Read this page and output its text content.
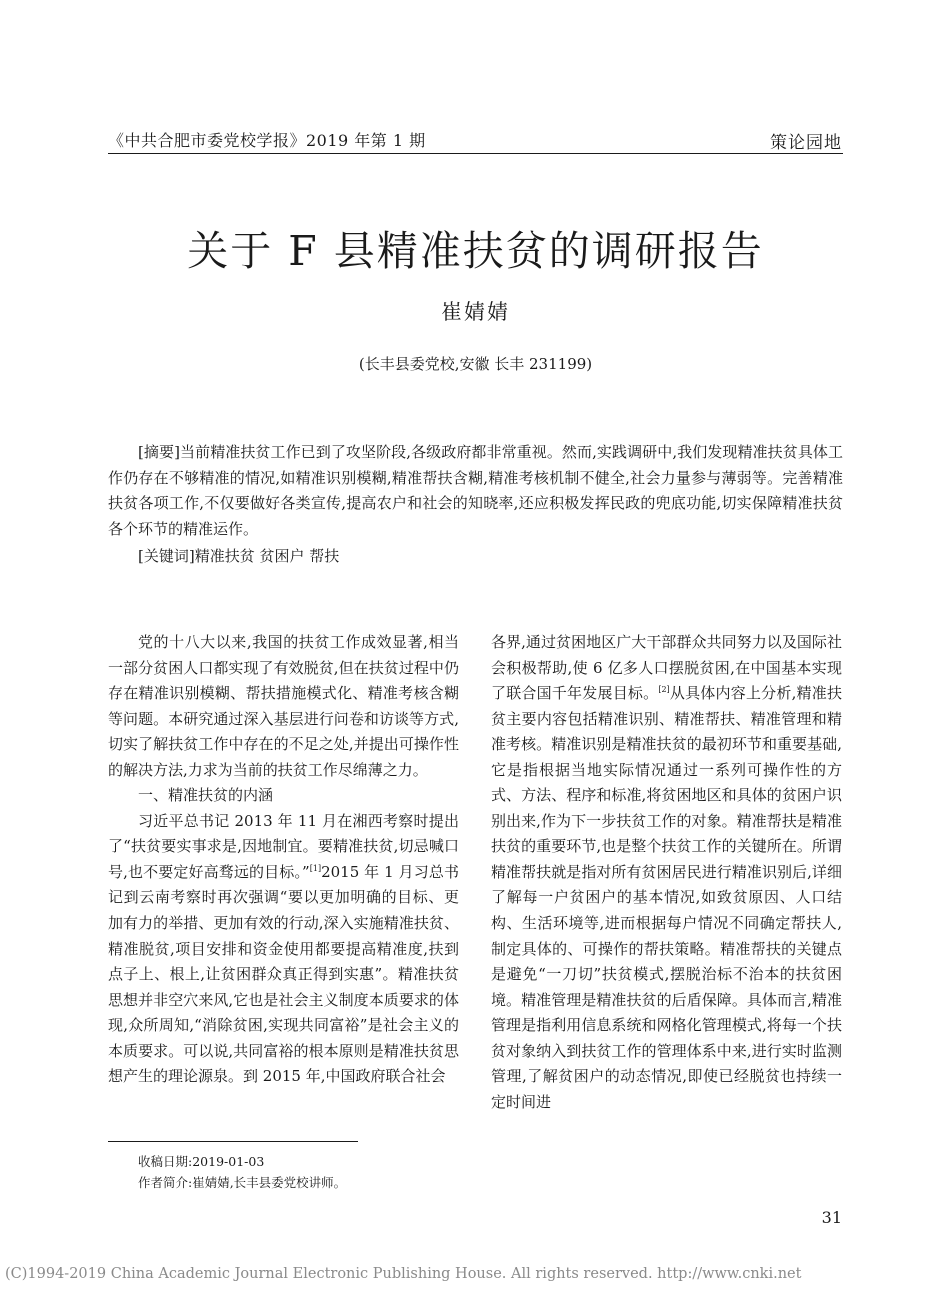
《中共合肥市委党校学报》2019 年第 1 期	策论园地
关于 F 县精准扶贫的调研报告
崔婧婧
(长丰县委党校,安徽 长丰 231199)

[摘要]当前精准扶贫工作已到了攻坚阶段,各级政府都非常重视。然而,实践调研中,我们发现精准扶贫具体工作仍存在不够精准的情况,如精准识别模糊,精准帮扶含糊,精准考核机制不健全,社会力量参与薄弱等。完善精准扶贫各项工作,不仅要做好各类宣传,提高农户和社会的知晓率,还应积极发挥民政的兜底功能,切实保障精准扶贫各个环节的精准运作。

[关键词]精准扶贫 贫困户 帮扶

党的十八大以来,我国的扶贫工作成效显著,相当一部分贫困人口都实现了有效脱贫,但在扶贫过程中仍存在精准识别模糊、帮扶措施模式化、精准考核含糊等问题。本研究通过深入基层进行问卷和访谈等方式,切实了解扶贫工作中存在的不足之处,并提出可操作性的解决方法,力求为当前的扶贫工作尽绵薄之力。

一、精准扶贫的内涵

习近平总书记 2013 年 11 月在湘西考察时提出了“扶贫要实事求是,因地制宜。要精准扶贫,切忌喊口号,也不要定好高骛远的目标。”[1]2015 年 1 月习总书记到云南考察时再次强调“要以更加明确的目标、更加有力的举措、更加有效的行动,深入实施精准扶贫、精准脱贫,项目安排和资金使用都要提高精准度,扶到点子上、根上,让贫困群众真正得到实惠”。精准扶贫思想并非空穴来风,它也是社会主义制度本质要求的体现,众所周知,“消除贫困,实现共同富裕”是社会主义的本质要求。可以说,共同富裕的根本原则是精准扶贫思想产生的理论源泉。到 2015 年,中国政府联合社会

各界,通过贫困地区广大干部群众共同努力以及国际社会积极帮助,使 6 亿多人口摆脱贫困,在中国基本实现了联合国千年发展目标。[2]从具体内容上分析,精准扶贫主要内容包括精准识别、精准帮扶、精准管理和精准考核。精准识别是精准扶贫的最初环节和重要基础,它是指根据当地实际情况通过一系列可操作性的方式、方法、程序和标准,将贫困地区和具体的贫困户识别出来,作为下一步扶贫工作的对象。精准帮扶是精准扶贫的重要环节,也是整个扶贫工作的关键所在。所谓精准帮扶就是指对所有贫困居民进行精准识别后,详细了解每一户贫困户的基本情况,如致贫原因、人口结构、生活环境等,进而根据每户情况不同确定帮扶人,制定具体的、可操作的帮扶策略。精准帮扶的关键点是避免“一刀切”扶贫模式,摆脱治标不治本的扶贫困境。精准管理是精准扶贫的后盾保障。具体而言,精准管理是指利用信息系统和网格化管理模式,将每一个扶贫对象纳入到扶贫工作的管理体系中来,进行实时监测管理,了解贫困户的动态情况,即使已经脱贫也持续一定时间进

收稿日期:2019-01-03
作者简介:崔婧婧,长丰县委党校讲师。
31
(C)1994-2019 China Academic Journal Electronic Publishing House. All rights reserved. http://www.cnki.net
